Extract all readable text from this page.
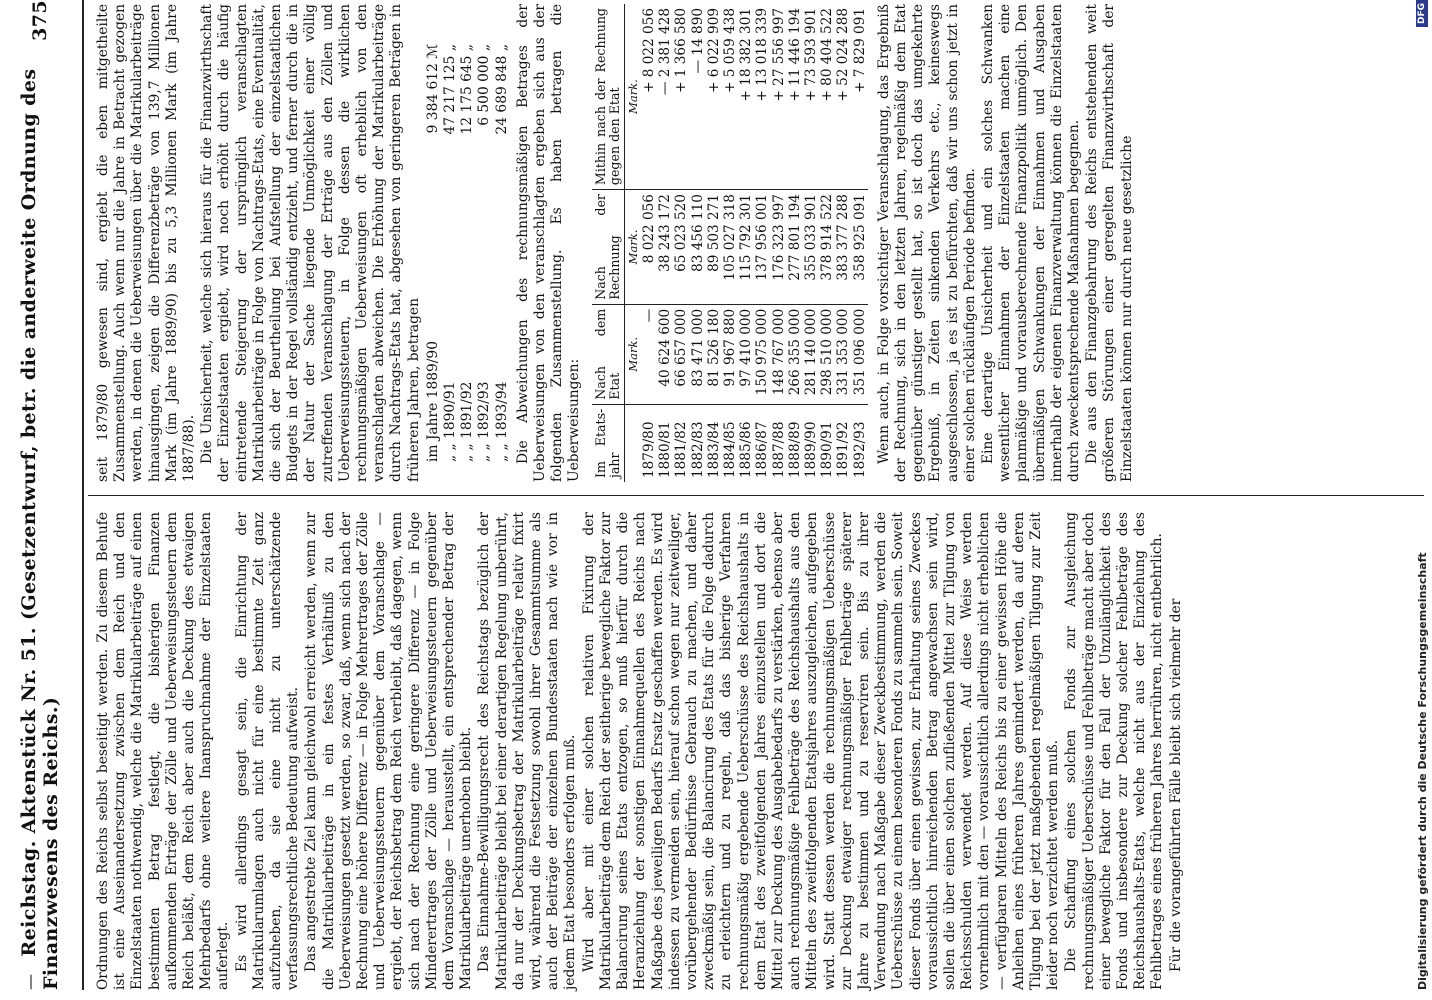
— Reichstag. Aktenstück Nr. 51. (Gesetzentwurf, betr. die anderweite Ordnung des Finanzwesens des Reichs.)
375	seit 1879/80 gewesen sind, ergiebt die eben mitgetheilte Zusammenstellung. Auch wenn nur die Jahre in Betracht gezogen werden, in denen die Ueberweisungen über die Matrikularbeiträge hinausgingen, zeigen die Differenzbeträge von 139,7 Millionen Mark (im Jahre 1889/90) bis zu 5,3 Millionen Mark (im Jahre 1887/88). Die Unsicherheit, welche sich hieraus für die Finanzwirthschaft der Einzelstaaten ergiebt, wird noch erhöht durch die häufig eintretende Steigerung der ursprünglich veranschlagten Matrikularbeiträge in Folge von Nachtrags-Etats, eine Eventualität, die sich der Beurtheilung bei Aufstellung der einzelstaatlichen Budgets in der Regel vollständig entzieht, und ferner durch die in der Natur der Sache liegende Unmöglichkeit einer völlig zutreffenden Veranschlagung der Erträge aus den Zöllen und Ueberweisungssteuern, in Folge dessen die wirklichen rechnungsmäßigen Ueberweisungen oft erheblich von den veranschlagten abweichen. Die Erhöhung der Matrikularbeiträge durch Nachtrags-Etats hat, abgesehen von geringeren Beträgen in früheren Jahren, betragen im Jahre 1889/90
9 384 612 ℳ
„ „ 1890/91
47 217 125 „
„ „ 1891/92
12 175 645 „
„ „ 1892/93
6 500 000 „
„ „ 1893/94
24 689 848 „ Die Abweichungen des rechnungsmäßigen Betrages der Ueberweisungen von den veranschlagten ergeben sich aus der folgenden Zusammenstellung. Es haben betragen die Ueberweisungen: Im Etats-jahr	Nach dem Etat	Nach der Rechnung	Mithin nach der Rechnung gegen den Etat
	Mark.	Mark.	Mark.
1879/80	—	8 022 056	+ 8 022 056
1880/81	40 624 600	38 243 172	— 2 381 428
1881/82	66 657 000	65 023 520	+ 1 366 580
1882/83	83 471 000	83 456 110	— 14 890
1883/84	81 526 180	89 503 271	+ 6 022 909
1884/85	91 967 880	105 027 318	+ 5 059 438
1885/86	97 410 000	115 792 301	+ 18 382 301
1886/87	150 975 000	137 956 001	+ 13 018 339
1887/88	148 767 000	176 323 997	+ 27 556 997
1888/89	266 355 000	277 801 194	+ 11 446 194
1889/90	281 140 000	355 033 901	+ 73 593 901
1890/91	298 510 000	378 914 522	+ 80 404 522
1891/92	331 353 000	383 377 288	+ 52 024 288
1892/93	351 096 000	358 925 091	+ 7 829 091 Wenn auch, in Folge vorsichtiger Veranschlagung, das Ergebniß der Rechnung, sich in den letzten Jahren, regelmäßig dem Etat gegenüber günstiger gestellt hat, so ist doch das umgekehrte Ergebniß, in Zeiten sinkenden Verkehrs etc., keineswegs ausgeschlossen, ja es ist zu befürchten, daß wir uns schon jetzt in einer solchen rückläufigen Periode befinden. Eine derartige Unsicherheit und ein solches Schwanken wesentlicher Einnahmen der Einzelstaaten machen eine planmäßige und vorausberechnende Finanzpolitik unmöglich. Den übermäßigen Schwankungen der Einnahmen und Ausgaben innerhalb der eigenen Finanzverwaltung können die Einzelstaaten durch zweckentsprechende Maßnahmen begegnen. Die aus den Finanzgebahrung des Reichs entstehenden weit größeren Störungen einer geregelten Finanzwirthschaft der Einzelstaaten können nur durch neue gesetzliche

Ordnungen des Reichs selbst beseitigt werden. Zu diesem Behufe ist eine Auseinandersetzung zwischen dem Reich und den Einzelstaaten nothwendig, welche die Matrikularbeiträge auf einen bestimmten Betrag festlegt, die bisherigen Finanzen aufkommenden Erträge der Zölle und Ueberweisungssteuern dem Reich beläßt, dem Reich aber auch die Deckung des etwaigen Mehrbedarfs ohne weitere Inanspruchnahme der Einzelstaaten auferlegt. Es wird allerdings gesagt sein, die Einrichtung der Matrikularumlagen auch nicht für eine bestimmte Zeit ganz aufzuheben, da sie eine nicht zu unterschätzende verfassungsrechtliche Bedeutung aufweist. Das angestrebte Ziel kann gleichwohl erreicht werden, wenn zur die Matrikularbeiträge in ein festes Verhältniß zu den Ueberweisungen gesetzt werden, so zwar, daß, wenn sich nach der Rechnung eine höhere Differenz — in Folge Mehrertrages der Zölle und Ueberweisungssteuern gegenüber dem Voranschlage — ergiebt, der Reichsbetrag dem Reich verbleibt, daß dagegen, wenn sich nach der Rechnung eine geringere Differenz — in Folge Minderertrages der Zölle und Ueberweisungssteuern gegenüber dem Voranschlage — herausstellt, ein entsprechender Betrag der Matrikularbeiträge unerhoben bleibt. Das Einnahme-Bewilligungsrecht des Reichstags bezüglich der Matrikularbeiträge bleibt bei einer derartigen Regelung unberührt, da nur der Deckungsbetrag der Matrikularbeiträge relativ fixirt wird, während die Festsetzung sowohl ihrer Gesammtsumme als auch der Beiträge der einzelnen Bundesstaaten nach wie vor in jedem Etat besonders erfolgen muß. Wird aber mit einer solchen relativen Fixirung der Matrikularbeiträge dem Reich der seitherige bewegliche Faktor zur Balancirung seines Etats entzogen, so muß hierfür durch die Heranziehung der sonstigen Einnahmequellen des Reichs nach Maßgabe des jeweiligen Bedarfs Ersatz geschaffen werden. Es wird indessen zu vermeiden sein, hierauf schon wegen nur zeitweiliger, vorübergehender Bedürfnisse Gebrauch zu machen, und daher zweckmäßig sein, die Balancirung des Etats für die Folge dadurch zu erleichtern und zu regeln, daß das bisherige Verfahren rechnungsmäßig ergebende Ueberschüsse des Reichshaushalts in dem Etat des zweitfolgenden Jahres einzustellen und dort die Mittel zur Deckung des Ausgabebedarfs zu verstärken, ebenso aber auch rechnungsmäßige Fehlbeträge des Reichshaushalts aus den Mitteln des zweitfolgenden Etatsjahres auszugleichen, aufgegeben wird. Statt dessen werden die rechnungsmäßigen Ueberschüsse zur Deckung etwaiger rechnungsmäßiger Fehlbeträge späterer Jahre zu bestimmen und zu reserviren sein. Bis zu ihrer Verwendung nach Maßgabe dieser Zweckbestimmung, werden die Ueberschüsse zu einem besonderen Fonds zu sammeln sein. Soweit dieser Fonds über einen gewissen, zur Erhaltung seines Zweckes voraussichtlich hinreichenden Betrag angewachsen sein wird, sollen die über einen solchen zufließenden Mittel zur Tilgung von Reichsschulden verwendet werden. Auf diese Weise werden vornehmlich mit den — voraussichtlich allerdings nicht erheblichen — verfügbaren Mitteln des Reichs bis zu einer gewissen Höhe die Anleihen eines früheren Jahres gemindert werden, da auf deren Tilgung bei der jetzt maßgebenden regelmäßigen Tilgung zur Zeit leider noch verzichtet werden muß. Die Schaffung eines solchen Fonds zur Ausgleichung rechnungsmäßiger Ueberschüsse und Fehlbeträge macht aber doch einer bewegliche Faktor für den Fall der Unzulänglichkeit des Fonds und insbesondere zur Deckung solcher Fehlbeträge des Reichshaushalts-Etats, welche nicht aus der Einziehung des Fehlbetrages eines früheren Jahres herrühren, nicht entbehrlich. Für die vorangeführten Fälle bleibt sich vielmehr der	Digitalisierung gefördert durch die Deutsche Forschungsgemeinschaft
DFG
